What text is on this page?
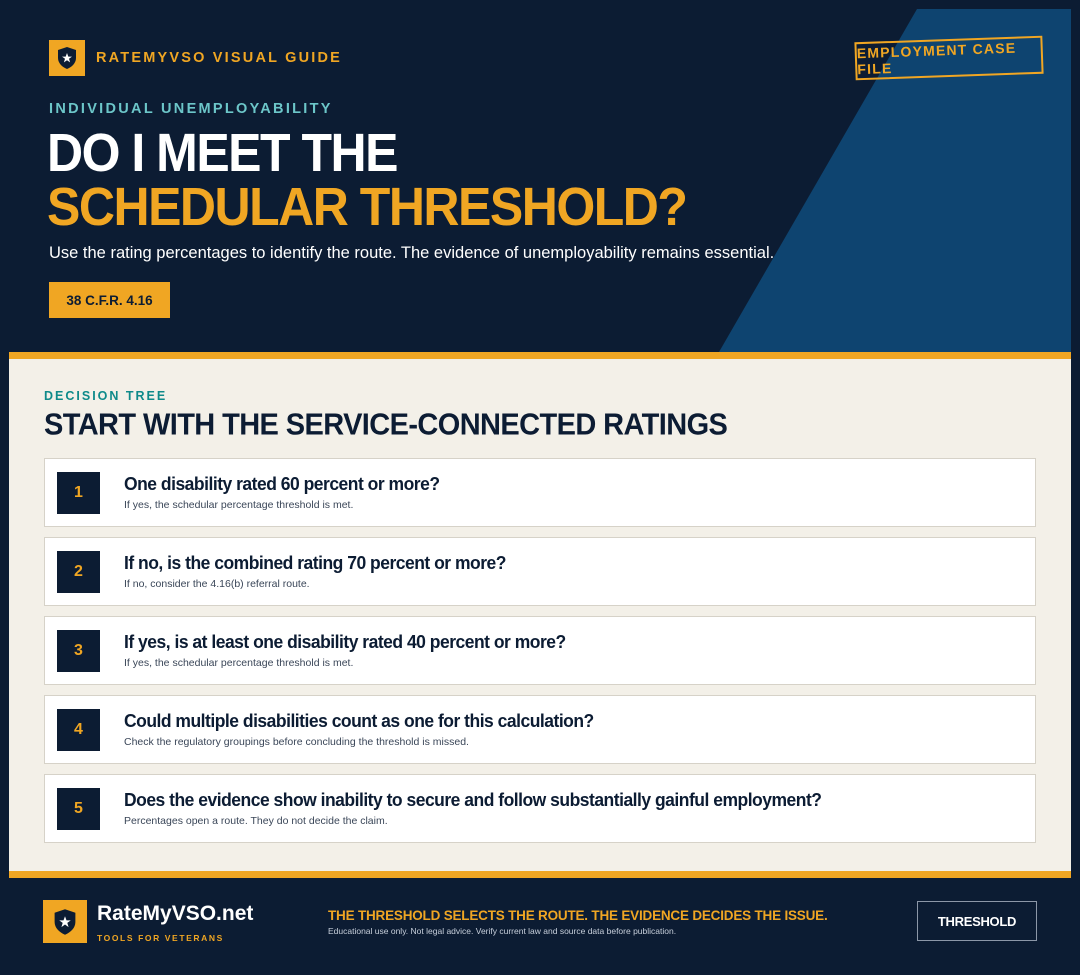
RATEMYVSO VISUAL GUIDE	EMPLOYMENT CASE FILE
INDIVIDUAL UNEMPLOYABILITY
DO I MEET THE
SCHEDULAR THRESHOLD?
Use the rating percentages to identify the route. The evidence of unemployability remains essential.
38 C.F.R. 4.16
DECISION TREE
START WITH THE SERVICE-CONNECTED RATINGS
1	One disability rated 60 percent or more?
If yes, the schedular percentage threshold is met.
2	If no, is the combined rating 70 percent or more?
If no, consider the 4.16(b) referral route.
3	If yes, is at least one disability rated 40 percent or more?
If yes, the schedular percentage threshold is met.
4	Could multiple disabilities count as one for this calculation?
Check the regulatory groupings before concluding the threshold is missed.
5	Does the evidence show inability to secure and follow substantially gainful employment?
Percentages open a route. They do not decide the claim.
RateMyVSO.net
TOOLS FOR VETERANS
THE THRESHOLD SELECTS THE ROUTE. THE EVIDENCE DECIDES THE ISSUE.
Educational use only. Not legal advice. Verify current law and source data before publication.
THRESHOLD
